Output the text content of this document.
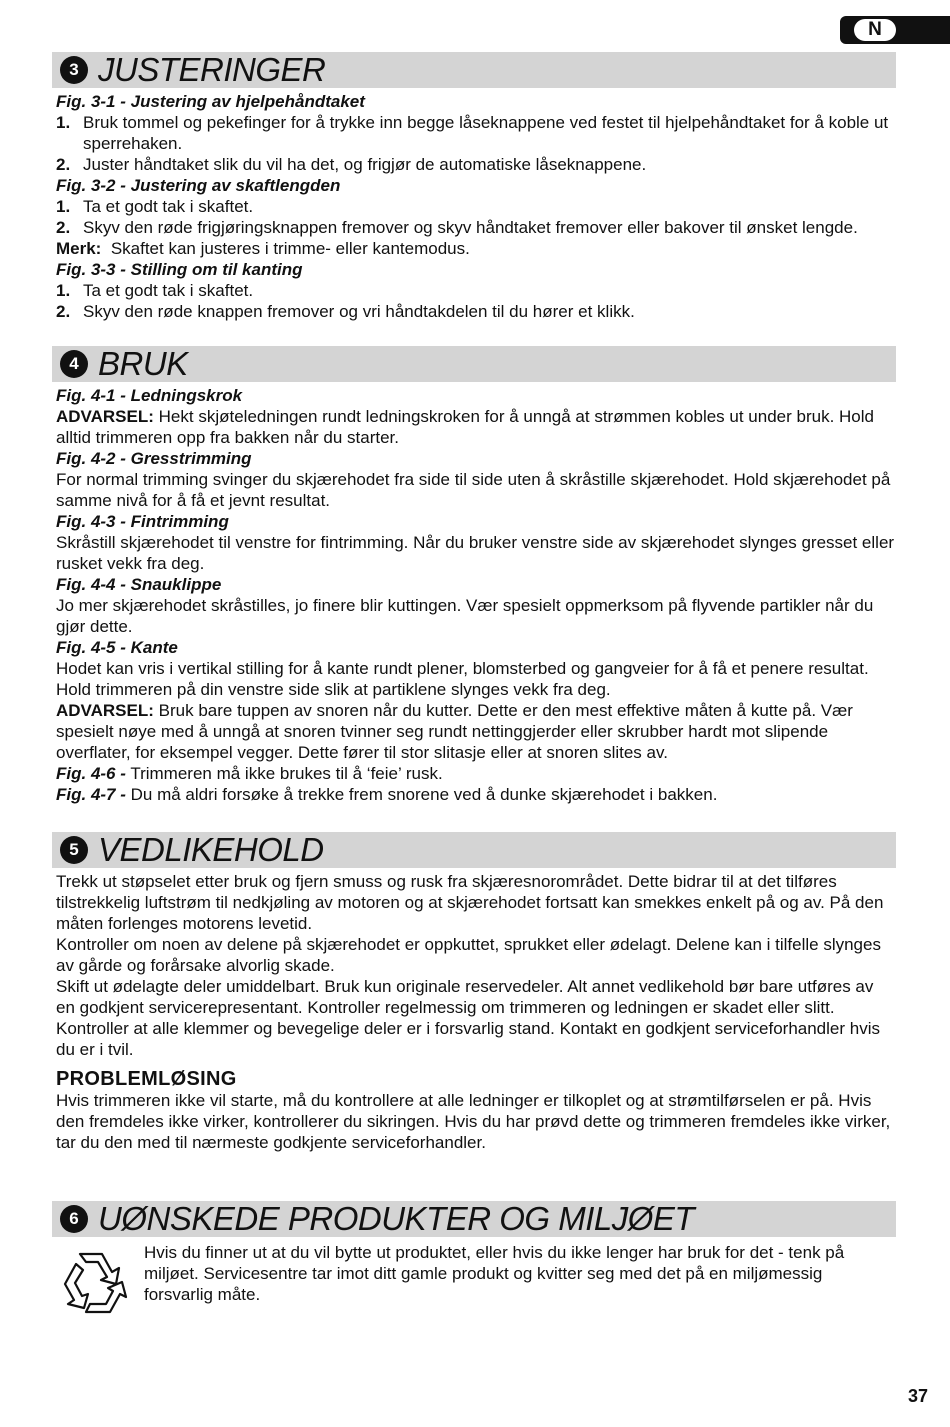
N
3 JUSTERINGER
Fig. 3-1 - Justering av hjelpehåndtaket
1. Bruk tommel og pekefinger for å trykke inn begge låseknappene ved festet til hjelpehåndtaket for å koble ut sperrehaken.
2. Juster håndtaket slik du vil ha det, og frigjør de automatiske låseknappene.
Fig. 3-2 - Justering av skaftlengden
1. Ta et godt tak i skaftet.
2. Skyv den røde frigjøringsknappen fremover og skyv håndtaket fremover eller bakover til ønsket lengde.
Merk: Skaftet kan justeres i trimme- eller kantemodus.
Fig. 3-3 - Stilling om til kanting
1. Ta et godt tak i skaftet.
2. Skyv den røde knappen fremover og vri håndtakdelen til du hører et klikk.
4 BRUK
Fig. 4-1 - Ledningskrok
ADVARSEL: Hekt skjøteledningen rundt ledningskroken for å unngå at strømmen kobles ut under bruk. Hold alltid trimmeren opp fra bakken når du starter.
Fig. 4-2 - Gresstrimming
For normal trimming svinger du skjærehodet fra side til side uten å skråstille skjærehodet. Hold skjærehodet på samme nivå for å få et jevnt resultat.
Fig. 4-3 - Fintrimming
Skråstill skjærehodet til venstre for fintrimming. Når du bruker venstre side av skjærehodet slynges gresset eller rusket vekk fra deg.
Fig. 4-4 - Snauklippe
Jo mer skjærehodet skråstilles, jo finere blir kuttingen. Vær spesielt oppmerksom på flyvende partikler når du gjør dette.
Fig. 4-5 - Kante
Hodet kan vris i vertikal stilling for å kante rundt plener, blomsterbed og gangveier for å få et penere resultat. Hold trimmeren på din venstre side slik at partiklene slynges vekk fra deg.
ADVARSEL: Bruk bare tuppen av snoren når du kutter. Dette er den mest effektive måten å kutte på. Vær spesielt nøye med å unngå at snoren tvinner seg rundt nettinggjerder eller skrubber hardt mot slipende overflater, for eksempel vegger. Dette fører til stor slitasje eller at snoren slites av.
Fig. 4-6 - Trimmeren må ikke brukes til å ‘feie’ rusk.
Fig. 4-7 - Du må aldri forsøke å trekke frem snorene ved å dunke skjærehodet i bakken.
5 VEDLIKEHOLD
Trekk ut støpselet etter bruk og fjern smuss og rusk fra skjæresnorområdet. Dette bidrar til at det tilføres tilstrekkelig luftstrøm til nedkjøling av motoren og at skjærehodet fortsatt kan smekkes enkelt på og av. På den måten forlenges motorens levetid.
Kontroller om noen av delene på skjærehodet er oppkuttet, sprukket eller ødelagt. Delene kan i tilfelle slynges av gårde og forårsake alvorlig skade.
Skift ut ødelagte deler umiddelbart. Bruk kun originale reservedeler. Alt annet vedlikehold bør bare utføres av en godkjent servicerepresentant. Kontroller regelmessig om trimmeren og ledningen er skadet eller slitt. Kontroller at alle klemmer og bevegelige deler er i forsvarlig stand. Kontakt en godkjent serviceforhandler hvis du er i tvil.
PROBLEMLØSING
Hvis trimmeren ikke vil starte, må du kontrollere at alle ledninger er tilkoplet og at strømtilførselen er på. Hvis den fremdeles ikke virker, kontrollerer du sikringen. Hvis du har prøvd dette og trimmeren fremdeles ikke virker, tar du den med til nærmeste godkjente serviceforhandler.
6 UØNSKEDE PRODUKTER OG MILJØET
Hvis du finner ut at du vil bytte ut produktet, eller hvis du ikke lenger har bruk for det - tenk på miljøet. Servicesentre tar imot ditt gamle produkt og kvitter seg med det på en miljømessig forsvarlig måte.
37
